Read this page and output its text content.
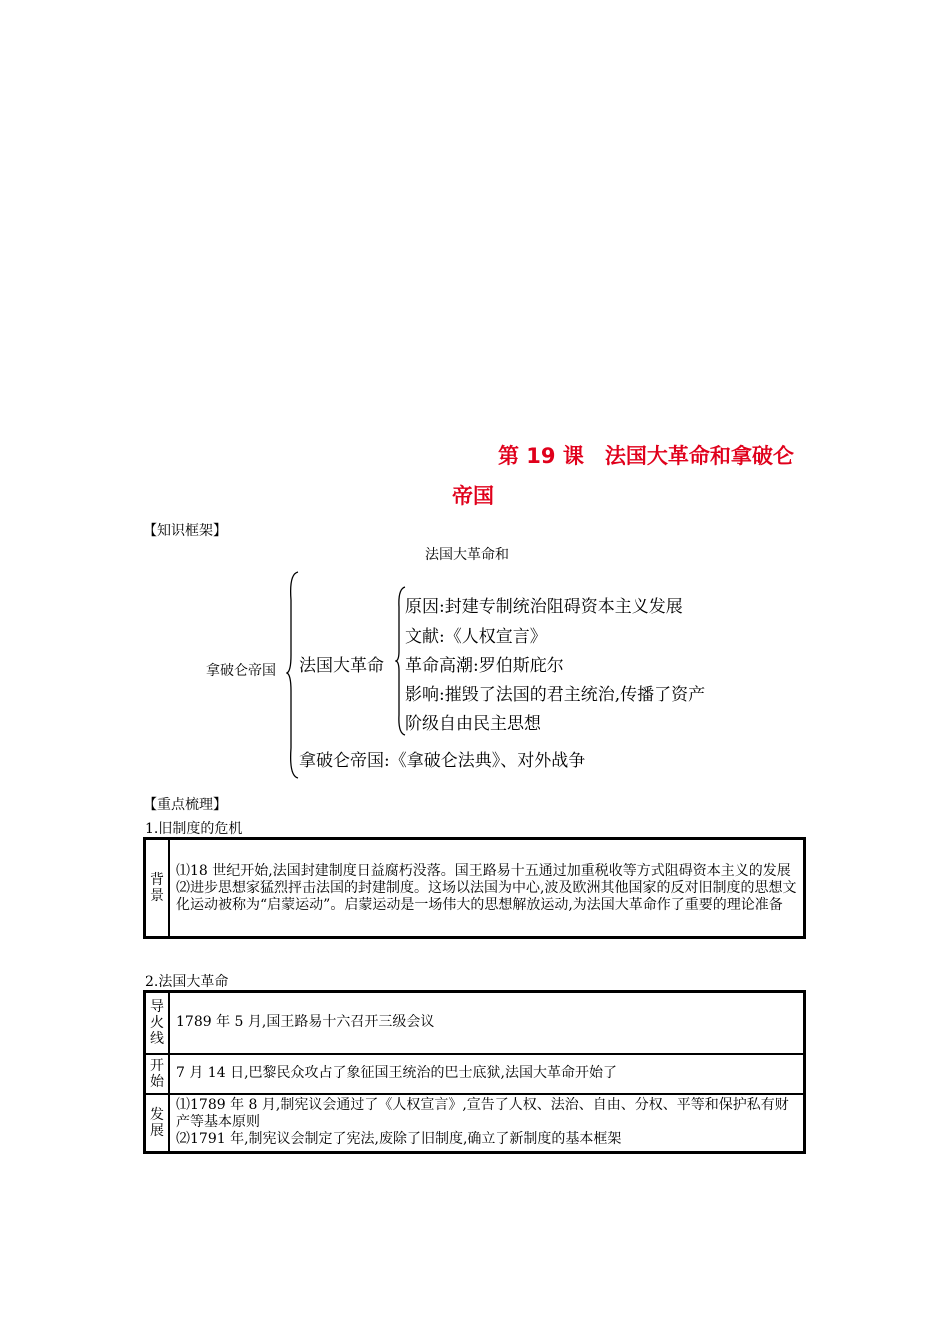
第 19 课　法国大革命和拿破仑
帝国
【知识框架】
法国大革命和
拿破仑帝国 法国大革命
原因:封建专制统治阻碍资本主义发展
文献:《人权宣言》
革命高潮:罗伯斯庇尔
影响:摧毁了法国的君主统治,传播了资产
阶级自由民主思想
拿破仑帝国:《拿破仑法典》、对外战争
【重点梳理】
1.旧制度的危机
背景

⑴18 世纪开始,法国封建制度日益腐朽没落。国王路易十五通过加重税收等方式阻碍资本主义的发展
⑵进步思想家猛烈抨击法国的封建制度。这场以法国为中心,波及欧洲其他国家的反对旧制度的思想文化运动被称为“启蒙运动”。启蒙运动是一场伟大的思想解放运动,为法国大革命作了重要的理论准备
2.法国大革命
导火线	1789 年 5 月,国王路易十六召开三级会议

开始	7 月 14 日,巴黎民众攻占了象征国王统治的巴士底狱,法国大革命开始了

发展	⑴1789 年 8 月,制宪议会通过了《人权宣言》,宣告了人权、法治、自由、分权、平等和保护私有财产等基本原则
⑵1791 年,制宪议会制定了宪法,废除了旧制度,确立了新制度的基本框架
